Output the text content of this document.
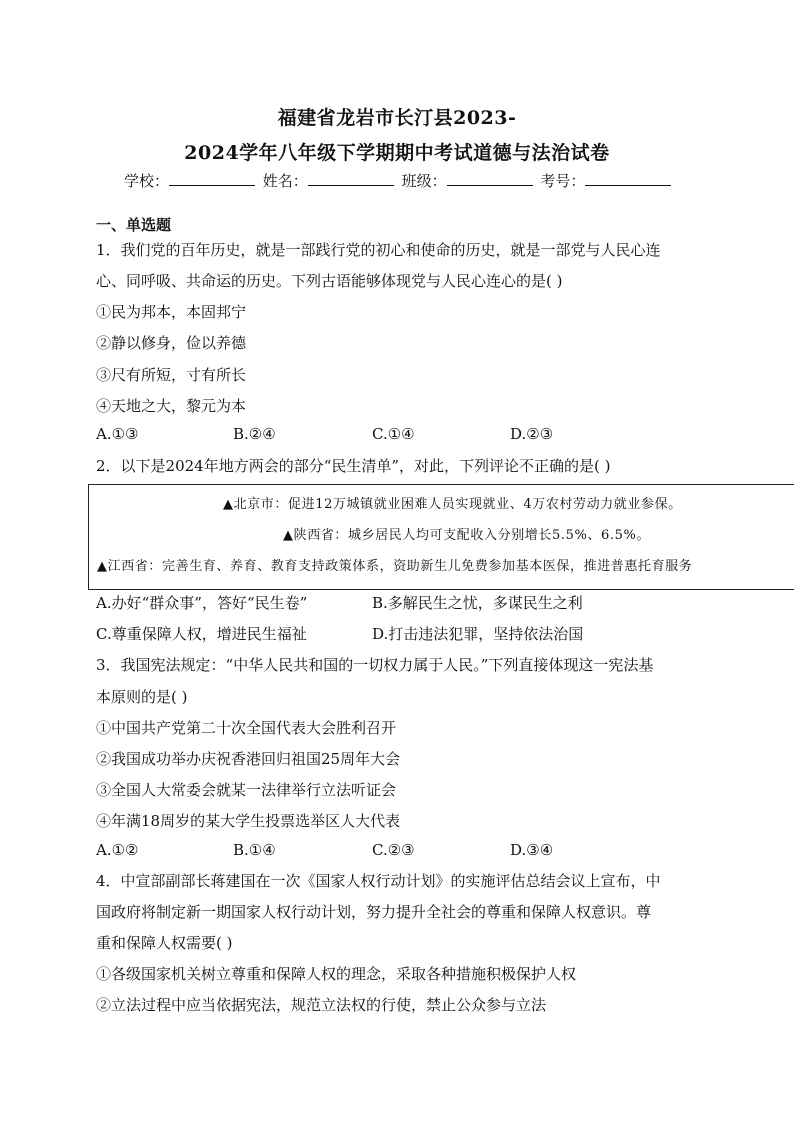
福建省龙岩市长汀县2023-
2024学年八年级下学期期中考试道德与法治试卷
学校：	姓名：	班级：	考号：
一、单选题
1．我们党的百年历史，就是一部践行党的初心和使命的历史，就是一部党与人民心连
心、同呼吸、共命运的历史。下列古语能够体现党与人民心连心的是( )
①民为邦本，本固邦宁
②静以修身，俭以养德
③尺有所短，寸有所长
④天地之大，黎元为本
A.①③	B.②④	C.①④	D.②③
2．以下是2024年地方两会的部分“民生清单”，对此，下列评论不正确的是( )
▲北京市：促进12万城镇就业困难人员实现就业、4万农村劳动力就业参保。
▲陕西省：城乡居民人均可支配收入分别增长5.5%、6.5%。
▲江西省：完善生育、养育、教育支持政策体系，资助新生儿免费参加基本医保，推进普惠托育服务
A.办好“群众事”，答好“民生卷”	B.多解民生之忧，多谋民生之利
C.尊重保障人权，增进民生福祉	D.打击违法犯罪，坚持依法治国
3．我国宪法规定：“中华人民共和国的一切权力属于人民。”下列直接体现这一宪法基
本原则的是( )
①中国共产党第二十次全国代表大会胜利召开
②我国成功举办庆祝香港回归祖国25周年大会
③全国人大常委会就某一法律举行立法听证会
④年满18周岁的某大学生投票选举区人大代表
A.①②	B.①④	C.②③	D.③④
4．中宣部副部长蒋建国在一次《国家人权行动计划》的实施评估总结会议上宣布，中
国政府将制定新一期国家人权行动计划，努力提升全社会的尊重和保障人权意识。尊
重和保障人权需要( )
①各级国家机关树立尊重和保障人权的理念，采取各种措施积极保护人权
②立法过程中应当依据宪法，规范立法权的行使，禁止公众参与立法
